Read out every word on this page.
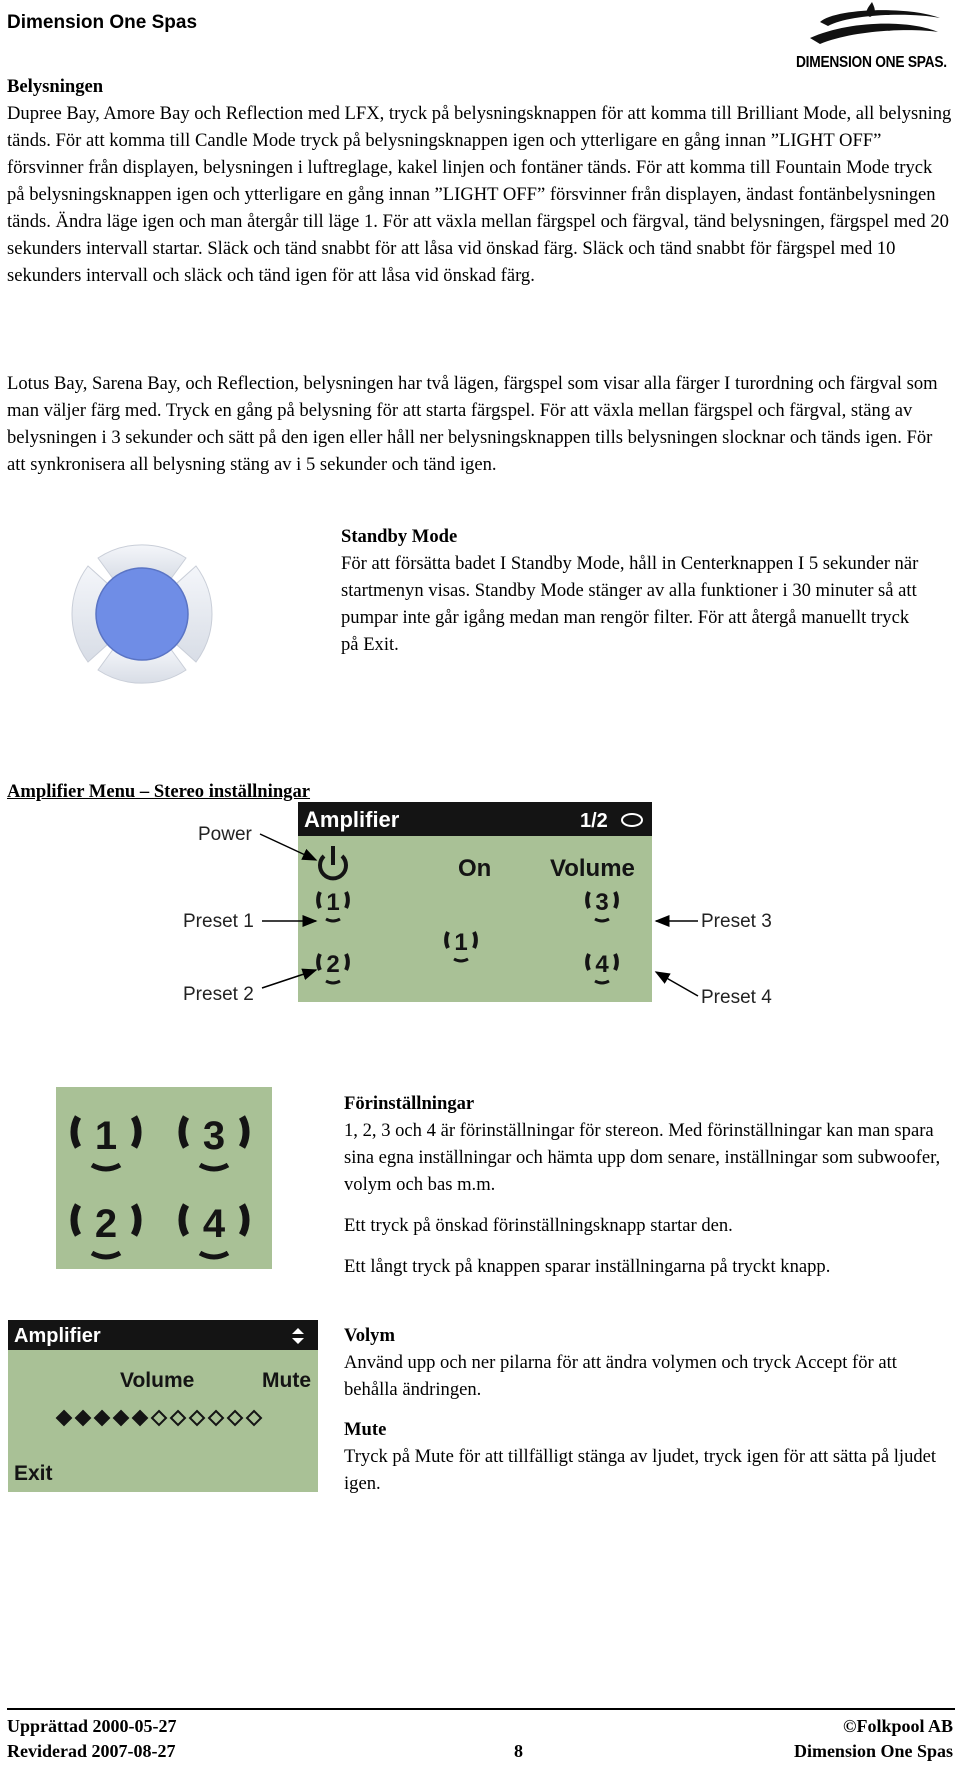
Dimension One Spas
DIMENSION ONE SPAS.
Belysningen
Dupree Bay, Amore Bay och Reflection med LFX, tryck på belysningsknappen för att komma till Brilliant Mode, all belysning tänds. För att komma till Candle Mode tryck på belysningsknappen igen och ytterligare en gång innan ”LIGHT OFF” försvinner från displayen, belysningen i luftreglage, kakel linjen och fontäner tänds. För att komma till Fountain Mode tryck på belysningsknappen igen och ytterligare en gång innan ”LIGHT OFF” försvinner från displayen, ändast fontänbelysningen tänds. Ändra läge igen och man återgår till läge 1. För att växla mellan färgspel och färgval, tänd belysningen, färgspel med 20 sekunders intervall startar. Släck och tänd snabbt för att låsa vid önskad färg. Släck och tänd snabbt för färgspel med 10 sekunders intervall och släck och tänd igen för att låsa vid önskad färg.
Lotus Bay, Sarena Bay, och Reflection, belysningen har två lägen, färgspel som visar alla färger I turordning och färgval som man väljer färg med. Tryck en gång på belysning för att starta färgspel. För att växla mellan färgspel och färgval, stäng av belysningen i 3 sekunder och sätt på den igen eller håll ner belysningsknappen tills belysningen slocknar och tänds igen. För att synkronisera all belysning stäng av i 5 sekunder och tänd igen.
Standby Mode
För att försätta badet I Standby Mode, håll in Centerknappen I 5 sekunder när startmenyn visas. Standby Mode stänger av alla funktioner i 30 minuter så att pumpar inte går igång medan man rengör filter. För att återgå manuellt tryck på Exit.
Amplifier Menu – Stereo inställningar
Amplifier	1/2
On Volume
1
2
1
3
4
Power
Preset 1
Preset 2
Preset 3
Preset 4
1 3
2 4
Förinställningar
1, 2, 3 och 4 är förinställningar för stereon. Med förinställningar kan man spara sina egna inställningar och hämta upp dom senare, inställningar som subwoofer, volym och bas m.m.
Ett tryck på önskad förinställningsknapp startar den.
Ett långt tryck på knappen sparar inställningarna på tryckt knapp.
Amplifier
Volume	Mute
Exit
Volym
Använd upp och ner pilarna för att ändra volymen och tryck Accept för att behålla ändringen.
Mute
Tryck på Mute för att tillfälligt stänga av ljudet, tryck igen för att sätta på ljudet igen.
Upprättad 2000-05-27
Reviderad 2007-08-27	8
©Folkpool AB
Dimension One Spas
